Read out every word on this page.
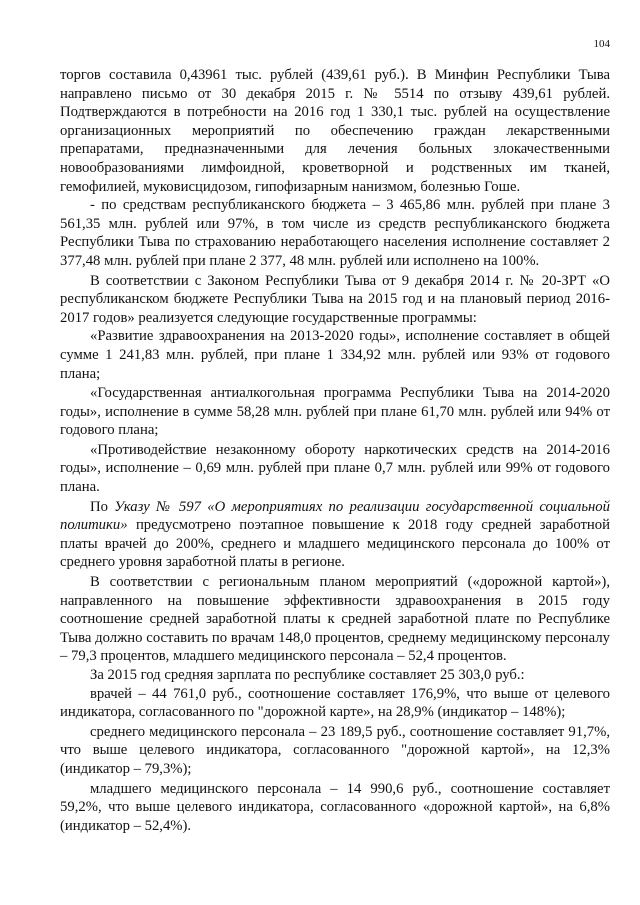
104

торгов составила 0,43961 тыс. рублей (439,61 руб.). В Минфин Республики Тыва направлено письмо от 30 декабря 2015 г. № 5514 по отзыву 439,61 рублей. Подтверждаются в потребности на 2016 год 1 330,1 тыс. рублей на осуществление организационных мероприятий по обеспечению граждан лекарственными препаратами, предназначенными для лечения больных злокачественными новообразованиями лимфоидной, кроветворной и родственных им тканей, гемофилией, муковисцидозом, гипофизарным нанизмом, болезнью Гоше.

- по средствам республиканского бюджета – 3 465,86 млн. рублей при плане 3 561,35 млн. рублей или 97%, в том числе из средств республиканского бюджета Республики Тыва по страхованию неработающего населения исполнение составляет 2 377,48 млн. рублей при плане 2 377, 48 млн. рублей или исполнено на 100%.

В соответствии с Законом Республики Тыва от 9 декабря 2014 г. № 20-ЗРТ «О республиканском бюджете Республики Тыва на 2015 год и на плановый период 2016-2017 годов» реализуется следующие государственные программы:

«Развитие здравоохранения на 2013-2020 годы», исполнение составляет в общей сумме 1 241,83 млн. рублей, при плане 1 334,92 млн. рублей или 93% от годового плана;

«Государственная антиалкогольная программа Республики Тыва на 2014-2020 годы», исполнение в сумме 58,28 млн. рублей при плане 61,70 млн. рублей или 94% от годового плана;

«Противодействие незаконному обороту наркотических средств на 2014-2016 годы», исполнение – 0,69 млн. рублей при плане 0,7 млн. рублей или 99% от годового плана.

По Указу № 597 «О мероприятиях по реализации государственной социальной политики» предусмотрено поэтапное повышение к 2018 году средней заработной платы врачей до 200%, среднего и младшего медицинского персонала до 100% от среднего уровня заработной платы в регионе.

В соответствии с региональным планом мероприятий («дорожной картой»), направленного на повышение эффективности здравоохранения в 2015 году соотношение средней заработной платы к средней заработной плате по Республике Тыва должно составить по врачам 148,0 процентов, среднему медицинскому персоналу – 79,3 процентов, младшего медицинского персонала – 52,4 процентов.

За 2015 год средняя зарплата по республике составляет 25 303,0 руб.:

врачей – 44 761,0 руб., соотношение составляет 176,9%, что выше от целевого индикатора, согласованного по "дорожной карте», на 28,9% (индикатор – 148%);

среднего медицинского персонала – 23 189,5 руб., соотношение составляет 91,7%, что выше целевого индикатора, согласованного "дорожной картой», на 12,3% (индикатор – 79,3%);

младшего медицинского персонала – 14 990,6 руб., соотношение составляет 59,2%, что выше целевого индикатора, согласованного «дорожной картой», на 6,8% (индикатор – 52,4%).
